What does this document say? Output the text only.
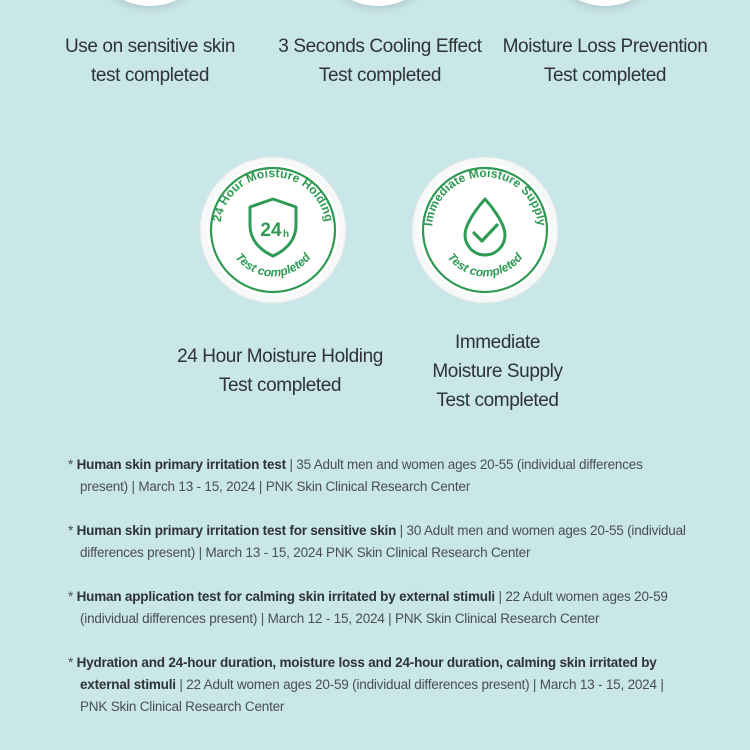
Use on sensitive skin
test completed
3 Seconds Cooling Effect
Test completed
Moisture Loss Prevention
Test completed
24 Hour Moisture Holding
Test completed
24 h
Immediate Moisture Supply
Test completed
24 Hour Moisture Holding
Test completed
Immediate
Moisture Supply
Test completed
* Human skin primary irritation test | 35 Adult men and women ages 20-55 (individual differences present) | March 13 - 15, 2024 | PNK Skin Clinical Research Center
* Human skin primary irritation test for sensitive skin | 30 Adult men and women ages 20-55 (individual differences present) | March 13 - 15, 2024 PNK Skin Clinical Research Center
* Human application test for calming skin irritated by external stimuli | 22 Adult women ages 20-59 (individual differences present) | March 12 - 15, 2024 | PNK Skin Clinical Research Center
* Hydration and 24-hour duration, moisture loss and 24-hour duration, calming skin irritated by external stimuli | 22 Adult women ages 20-59 (individual differences present) | March 13 - 15, 2024 | PNK Skin Clinical Research Center
